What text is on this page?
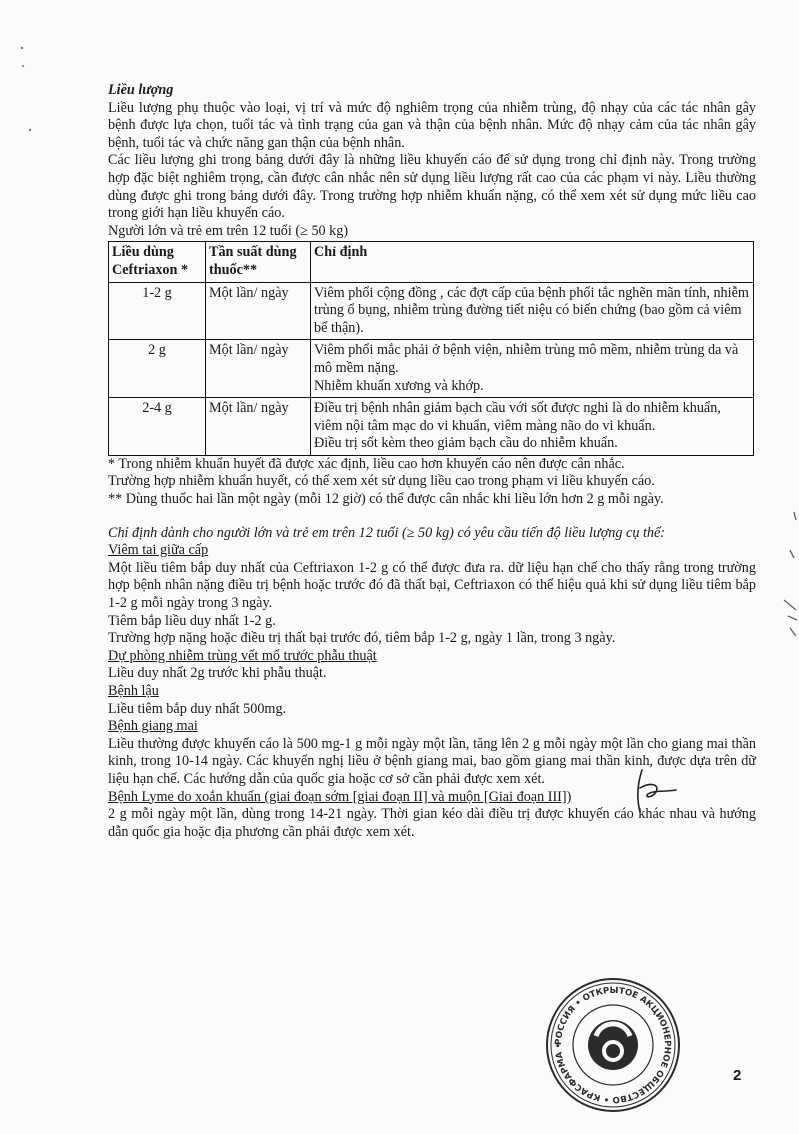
Liều lượng

Liều lượng phụ thuộc vào loại, vị trí và mức độ nghiêm trọng của nhiễm trùng, độ nhạy của các tác nhân gây bệnh được lựa chọn, tuổi tác và tình trạng của gan và thận của bệnh nhân. Mức độ nhạy cảm của tác nhân gây bệnh, tuổi tác và chức năng gan thận của bệnh nhân.

Các liều lượng ghi trong bảng dưới đây là những liều khuyến cáo để sử dụng trong chỉ định này. Trong trường hợp đặc biệt nghiêm trọng, cần được cân nhắc nên sử dụng liều lượng rất cao của các phạm vi này. Liều thường dùng được ghi trong bảng dưới đây. Trong trường hợp nhiễm khuẩn nặng, có thể xem xét sử dụng mức liều cao trong giới hạn liều khuyến cáo.

Người lớn và trẻ em trên 12 tuổi (≥ 50 kg)

Liều dùng Ceftriaxon *	Tần suất dùng thuốc**	Chỉ định
1-2 g	Một lần/ ngày	Viêm phổi cộng đồng , các đợt cấp của bệnh phổi tắc nghẽn mãn tính, nhiễm trùng ổ bụng, nhiễm trùng đường tiết niệu có biến chứng (bao gồm cả viêm bể thận).

2 g	Một lần/ ngày	Viêm phổi mắc phải ở bệnh viện, nhiễm trùng mô mềm, nhiễm trùng da và mô mềm nặng.
Nhiễm khuẩn xương và khớp.

2-4 g	Một lần/ ngày	Điều trị bệnh nhân giảm bạch cầu với sốt được nghi là do nhiễm khuẩn, viêm nội tâm mạc do vi khuẩn, viêm màng não do vi khuẩn.
Điều trị sốt kèm theo giảm bạch cầu do nhiễm khuẩn.

* Trong nhiễm khuẩn huyết đã được xác định, liều cao hơn khuyến cáo nên được cân nhắc.

Trường hợp nhiễm khuẩn huyết, có thể xem xét sử dụng liều cao trong phạm vi liều khuyến cáo.

** Dùng thuốc hai lần một ngày (mỗi 12 giờ) có thể được cân nhắc khi liều lớn hơn 2 g mỗi ngày.

Chỉ định dành cho người lớn và trẻ em trên 12 tuổi (≥ 50 kg) có yêu cầu tiến độ liều lượng cụ thể:

Viêm tai giữa cấp

Một liều tiêm bắp duy nhất của Ceftriaxon 1-2 g có thể được đưa ra. dữ liệu hạn chế cho thấy rằng trong trường hợp bệnh nhân nặng điều trị bệnh hoặc trước đó đã thất bại, Ceftriaxon có thể hiệu quả khi sử dụng liều tiêm bắp 1-2 g mỗi ngày trong 3 ngày.

Tiêm bắp liều duy nhất 1-2 g.

Trường hợp nặng hoặc điều trị thất bại trước đó, tiêm bắp 1-2 g, ngày 1 lần, trong 3 ngày.

Dự phòng nhiễm trùng vết mổ trước phẫu thuật

Liều duy nhất 2g trước khi phẫu thuật.

Bệnh lậu

Liều tiêm bắp duy nhất 500mg.

Bệnh giang mai

Liều thường được khuyến cáo là 500 mg-1 g mỗi ngày một lần, tăng lên 2 g mỗi ngày một lần cho giang mai thần kinh, trong 10-14 ngày. Các khuyến nghị liều ở bệnh giang mai, bao gồm giang mai thần kinh, được dựa trên dữ liệu hạn chế. Các hướng dẫn của quốc gia hoặc cơ sở cần phải được xem xét.

Bệnh Lyme do xoắn khuẩn (giai đoạn sớm [giai đoạn II] và muộn [Giai đoạn III])

2 g mỗi ngày một lần, dùng trong 14-21 ngày. Thời gian kéo dài điều trị được khuyến cáo khác nhau và hướng dẫn quốc gia hoặc địa phương cần phải được xem xét.

РОССИЯ • ОТКРЫТОЕ АКЦИОНЕРНОЕ ОБЩЕСТВО • КРАСФАРМА •
2
